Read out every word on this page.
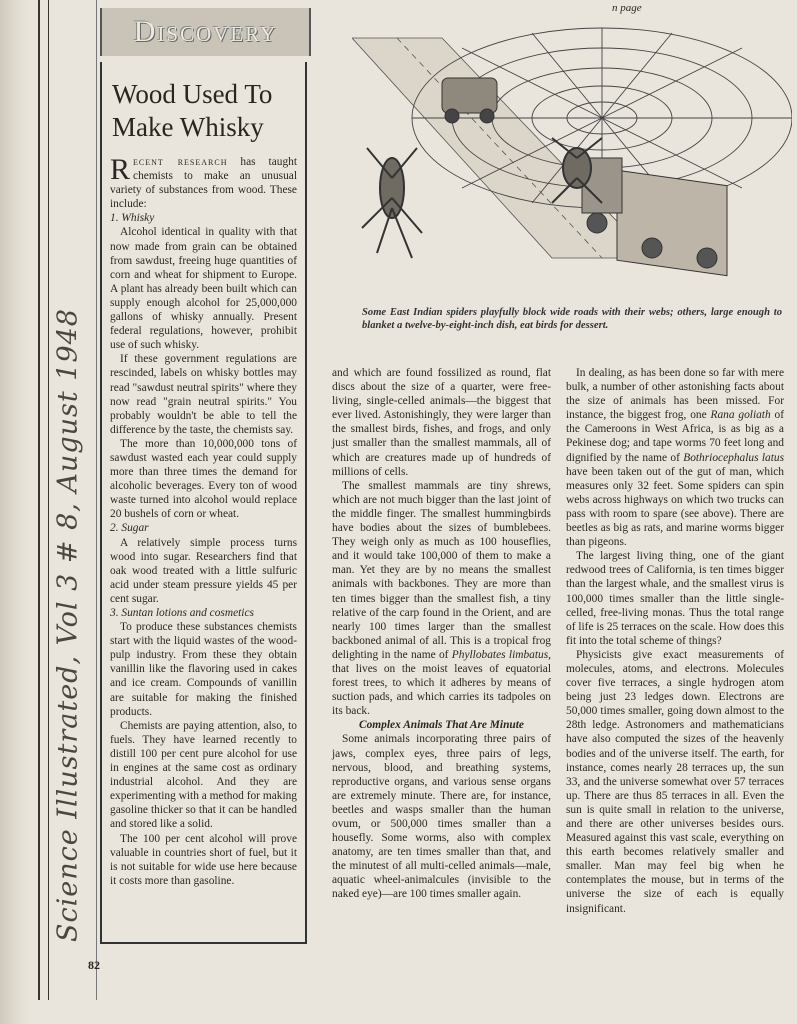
n page
Science Illustrated, Vol 3 # 8, August 1948
Discovery
Wood Used To
Make Whisky

Recent research has taught chemists to make an unusual variety of substances from wood. These include:

1. Whisky

Alcohol identical in quality with that now made from grain can be obtained from sawdust, freeing huge quantities of corn and wheat for shipment to Europe. A plant has already been built which can supply enough alcohol for 25,000,000 gallons of whisky annually. Present federal regulations, however, prohibit use of such whisky.

If these government regulations are rescinded, labels on whisky bottles may read "sawdust neutral spirits" where they now read "grain neutral spirits." You probably wouldn't be able to tell the difference by the taste, the chemists say.

The more than 10,000,000 tons of sawdust wasted each year could supply more than three times the demand for alcoholic beverages. Every ton of wood waste turned into alcohol would replace 20 bushels of corn or wheat.

2. Sugar

A relatively simple process turns wood into sugar. Researchers find that oak wood treated with a little sulfuric acid under steam pressure yields 45 per cent sugar.

3. Suntan lotions and cosmetics

To produce these substances chemists start with the liquid wastes of the wood-pulp industry. From these they obtain vanillin like the flavoring used in cakes and ice cream. Compounds of vanillin are suitable for making the finished products.

Chemists are paying attention, also, to fuels. They have learned recently to distill 100 per cent pure alcohol for use in engines at the same cost as ordinary industrial alcohol. And they are experimenting with a method for making gasoline thicker so that it can be handled and stored like a solid.

The 100 per cent alcohol will prove valuable in countries short of fuel, but it is not suitable for wide use here because it costs more than gasoline.

Some East Indian spiders playfully block wide roads with their webs; others, large enough to blanket a twelve-by-eight-inch dish, eat birds for dessert.

and which are found fossilized as round, flat discs about the size of a quarter, were free-living, single-celled animals—the biggest that ever lived. Astonishingly, they were larger than the smallest birds, fishes, and frogs, and only just smaller than the smallest mammals, all of which are creatures made up of hundreds of millions of cells.

The smallest mammals are tiny shrews, which are not much bigger than the last joint of the middle finger. The smallest hummingbirds have bodies about the sizes of bumblebees. They weigh only as much as 100 houseflies, and it would take 100,000 of them to make a man. Yet they are by no means the smallest animals with backbones. They are more than ten times bigger than the smallest fish, a tiny relative of the carp found in the Orient, and are nearly 100 times larger than the smallest backboned animal of all. This is a tropical frog delighting in the name of Phyllobates limbatus, that lives on the moist leaves of equatorial forest trees, to which it adheres by means of suction pads, and which carries its tadpoles on its back.

Complex Animals That Are Minute

Some animals incorporating three pairs of jaws, complex eyes, three pairs of legs, nervous, blood, and breathing systems, reproductive organs, and various sense organs are extremely minute. There are, for instance, beetles and wasps smaller than the human ovum, or 500,000 times smaller than a housefly. Some worms, also with complex anatomy, are ten times smaller than that, and the minutest of all multi-celled animals—male, aquatic wheel-animalcules (invisible to the naked eye)—are 100 times smaller again.

In dealing, as has been done so far with mere bulk, a number of other astonishing facts about the size of animals has been missed. For instance, the biggest frog, one Rana goliath of the Cameroons in West Africa, is as big as a Pekinese dog; and tape worms 70 feet long and dignified by the name of Bothriocephalus latus have been taken out of the gut of man, which measures only 32 feet. Some spiders can spin webs across highways on which two trucks can pass with room to spare (see above). There are beetles as big as rats, and marine worms bigger than pigeons.

The largest living thing, one of the giant redwood trees of California, is ten times bigger than the largest whale, and the smallest virus is 100,000 times smaller than the little single-celled, free-living monas. Thus the total range of life is 25 terraces on the scale. How does this fit into the total scheme of things?

Physicists give exact measurements of molecules, atoms, and electrons. Molecules cover five terraces, a single hydrogen atom being just 23 ledges down. Electrons are 50,000 times smaller, going down almost to the 28th ledge. Astronomers and mathematicians have also computed the sizes of the heavenly bodies and of the universe itself. The earth, for instance, comes nearly 28 terraces up, the sun 33, and the universe somewhat over 57 terraces up. There are thus 85 terraces in all. Even the sun is quite small in relation to the universe, and there are other universes besides ours. Measured against this vast scale, everything on this earth becomes relatively smaller and smaller. Man may feel big when he contemplates the mouse, but in terms of the universe the size of each is equally insignificant.

82
